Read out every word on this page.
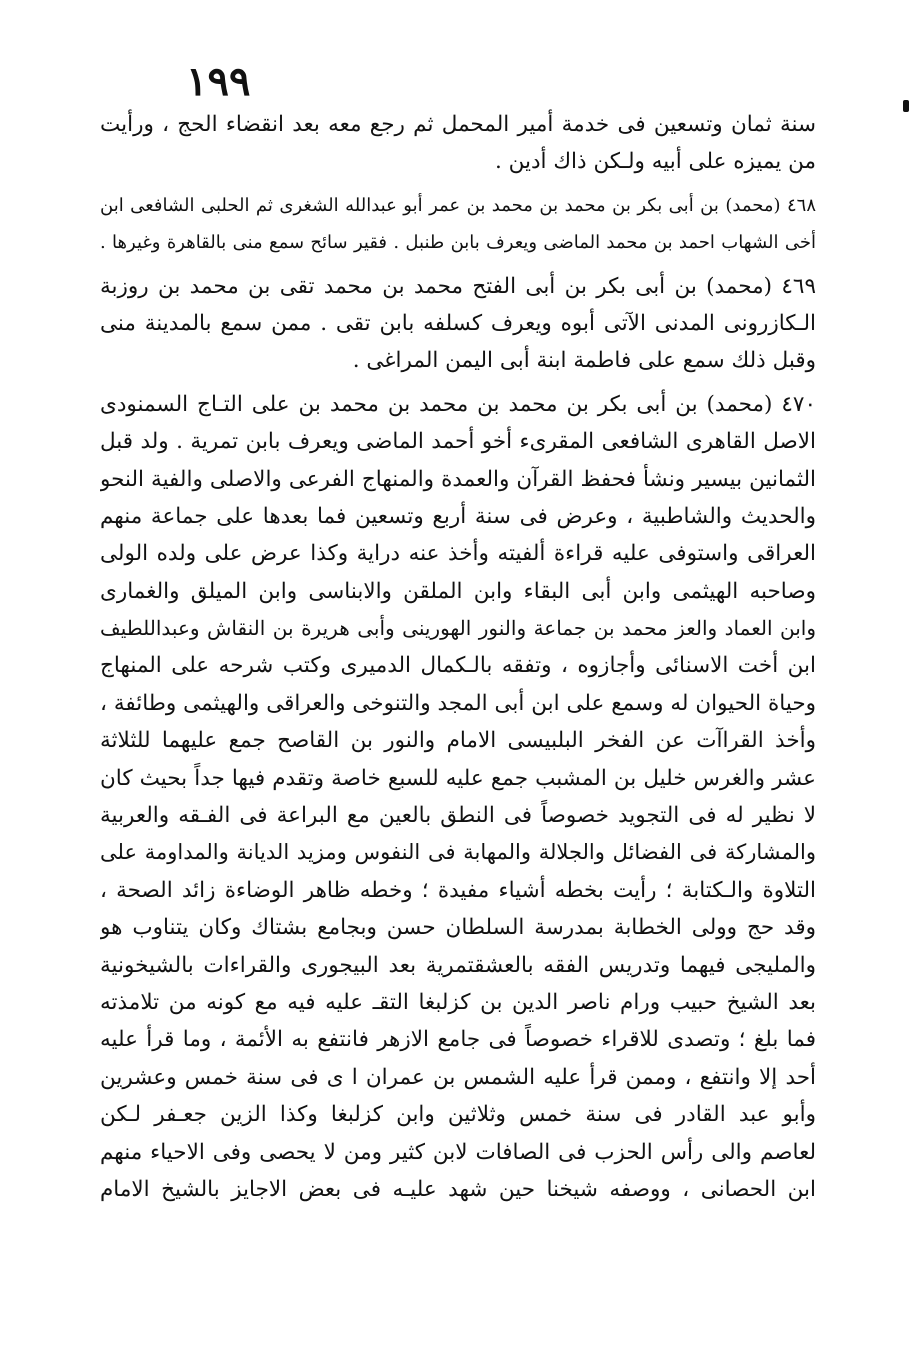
١٩٩
سنة ثمان وتسعين فى خدمة أمير المحمل ثم رجع معه بعد انقضاء الحج ، ورأيت
من يميزه على أبيه ولـكن ذاك أدين .
٤٦٨ (محمد) بن أبى بكر بن محمد بن محمد بن عمر أبو عبدالله الشغرى ثم الحلبى الشافعى ابن
أخى الشهاب احمد بن محمد الماضى ويعرف بابن طنبل . فقير سائح سمع منى بالقاهرة وغيرها .
٤٦٩ (محمد) بن أبى بكر بن أبى الفتح محمد بن محمد تقى بن محمد بن روزبة
الـكازرونى المدنى الآتى أبوه ويعرف كسلفه بابن تقى . ممن سمع بالمدينة منى
وقبل ذلك سمع على فاطمة ابنة أبى اليمن المراغى .
٤٧٠ (محمد) بن أبى بكر بن محمد بن محمد بن محمد بن على التـاج السمنودى
الاصل القاهرى الشافعى المقرىء أخو أحمد الماضى ويعرف بابن تمرية . ولد قبل
الثمانين بيسير ونشأ فحفظ القرآن والعمدة والمنهاج الفرعى والاصلى والفية النحو
والحديث والشاطبية ، وعرض فى سنة أربع وتسعين فما بعدها على جماعة منهم
العراقى واستوفى عليه قراءة ألفيته وأخذ عنه دراية وكذا عرض على ولده الولى
وصاحبه الهيثمى وابن أبى البقاء وابن الملقن والابناسى وابن الميلق والغمارى
وابن العماد والعز محمد بن جماعة والنور الهورينى وأبى هريرة بن النقاش وعبداللطيف
ابن أخت الاسنائى وأجازوه ، وتفقه بالـكمال الدميرى وكتب شرحه على المنهاج
وحياة الحيوان له وسمع على ابن أبى المجد والتنوخى والعراقى والهيثمى وطائفة ،
وأخذ القراآت عن الفخر البلبيسى الامام والنور بن القاصح جمع عليهما للثلاثة
عشر والغرس خليل بن المشبب جمع عليه للسبع خاصة وتقدم فيها جداً بحيث كان
لا نظير له فى التجويد خصوصاً فى النطق بالعين مع البراعة فى الفـقه والعربية
والمشاركة فى الفضائل والجلالة والمهابة فى النفوس ومزيد الديانة والمداومة على
التلاوة والـكتابة ؛ رأيت بخطه أشياء مفيدة ؛ وخطه ظاهر الوضاءة زائد الصحة ،
وقد حج وولى الخطابة بمدرسة السلطان حسن وبجامع بشتاك وكان يتناوب هو
والمليجى فيهما وتدريس الفقه بالعشقتمرية بعد البيجورى والقراءات بالشيخونية
بعد الشيخ حبيب ورام ناصر الدين بن كزلبغا التقـ عليه فيه مع كونه من تلامذته
فما بلغ ؛ وتصدى للاقراء خصوصاً فى جامع الازهر فانتفع به الأئمة ، وما قرأ عليه
أحد إلا وانتفع ، وممن قرأ عليه الشمس بن عمران ا ى فى سنة خمس وعشرين
وأبو عبد القادر فى سنة خمس وثلاثين وابن كزلبغا وكذا الزين جعـفر لـكن
لعاصم والى رأس الحزب فى الصافات لابن كثير ومن لا يحصى وفى الاحياء منهم
ابن الحصانى ، ووصفه شيخنا حين شهد عليـه فى بعض الاجايز بالشيخ الامام
